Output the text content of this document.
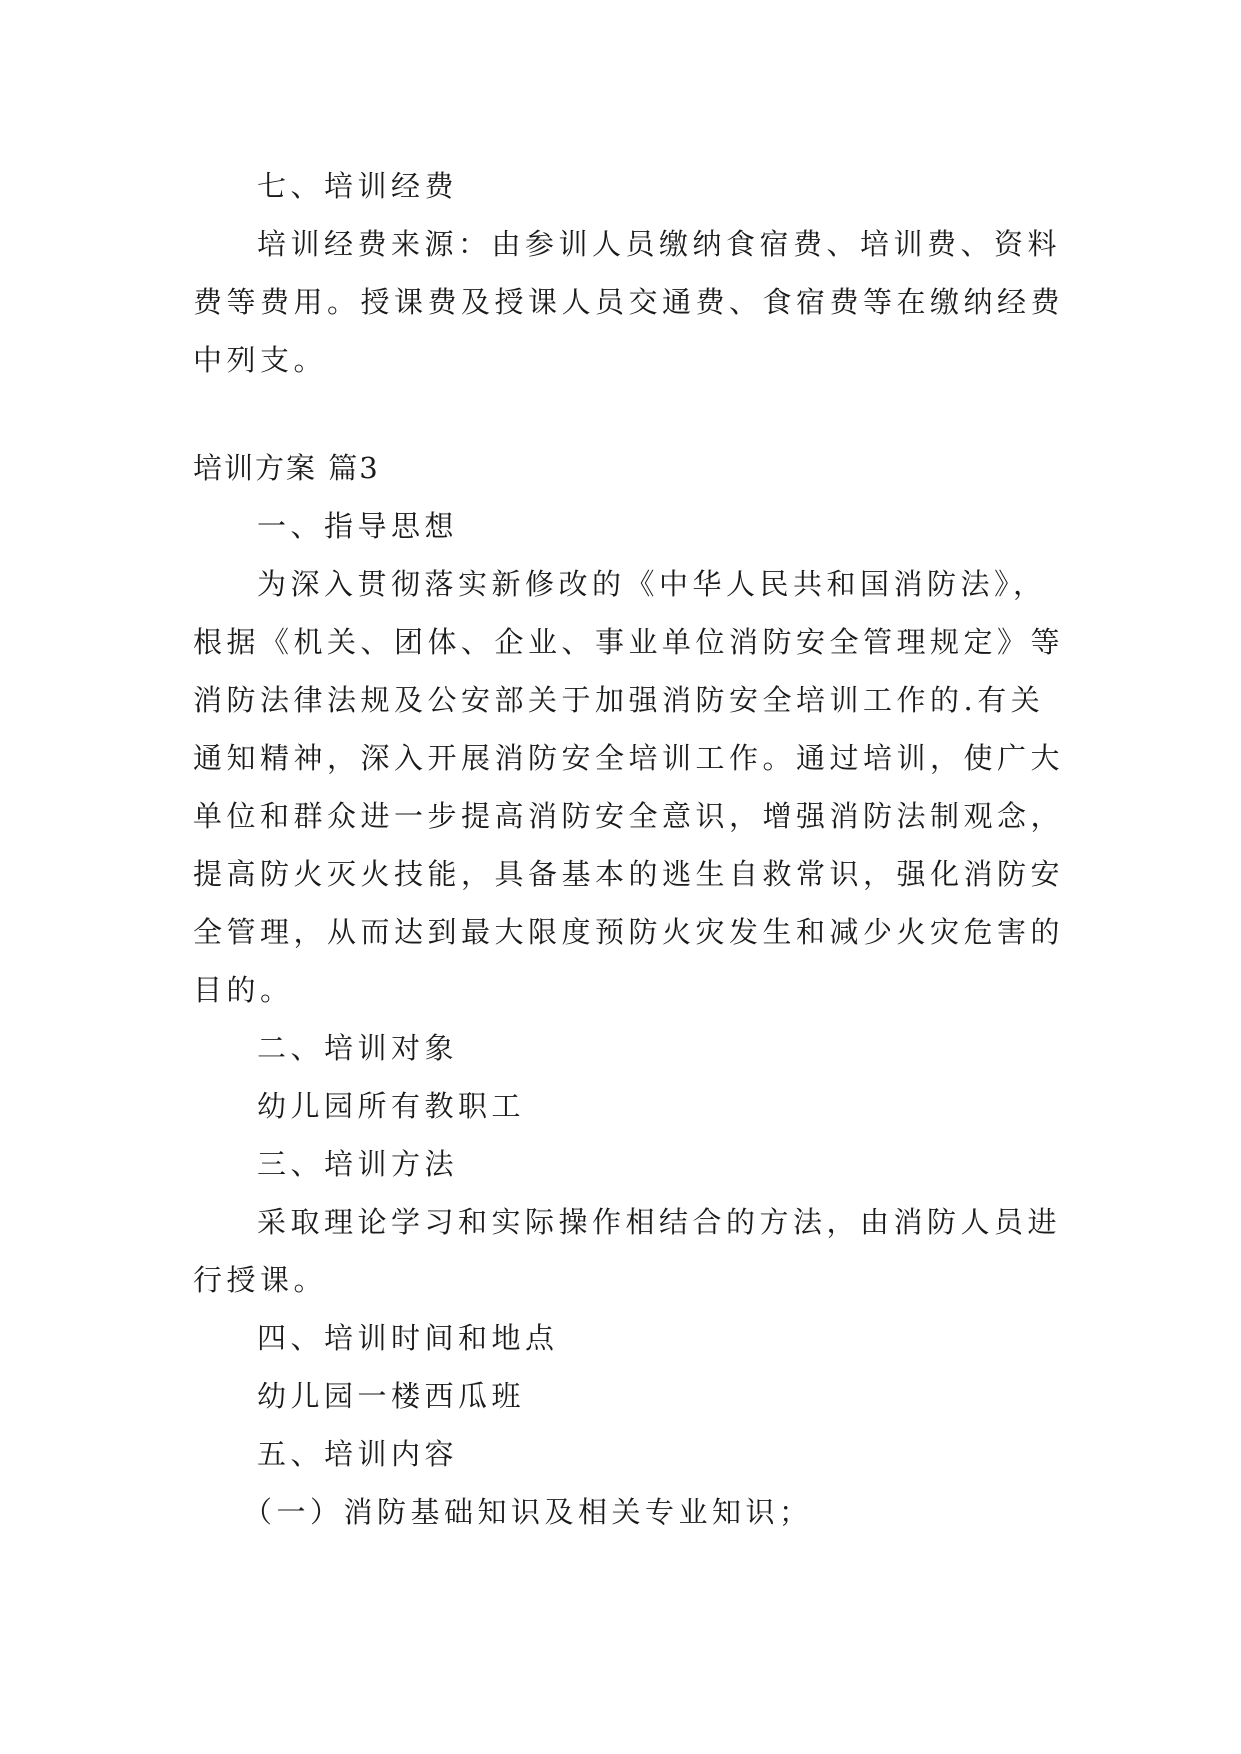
七、培训经费
培训经费来源：由参训人员缴纳食宿费、培训费、资料
费等费用。授课费及授课人员交通费、食宿费等在缴纳经费
中列支。
培训方案 篇3
一、指导思想
为深入贯彻落实新修改的《中华人民共和国消防法》，
根据《机关、团体、企业、事业单位消防安全管理规定》等
消防法律法规及公安部关于加强消防安全培训工作的.有关
通知精神，深入开展消防安全培训工作。通过培训，使广大
单位和群众进一步提高消防安全意识，增强消防法制观念，
提高防火灭火技能，具备基本的逃生自救常识，强化消防安
全管理，从而达到最大限度预防火灾发生和减少火灾危害的
目的。
二、培训对象
幼儿园所有教职工
三、培训方法
采取理论学习和实际操作相结合的方法，由消防人员进
行授课。
四、培训时间和地点
幼儿园一楼西瓜班
五、培训内容
（一）消防基础知识及相关专业知识；
